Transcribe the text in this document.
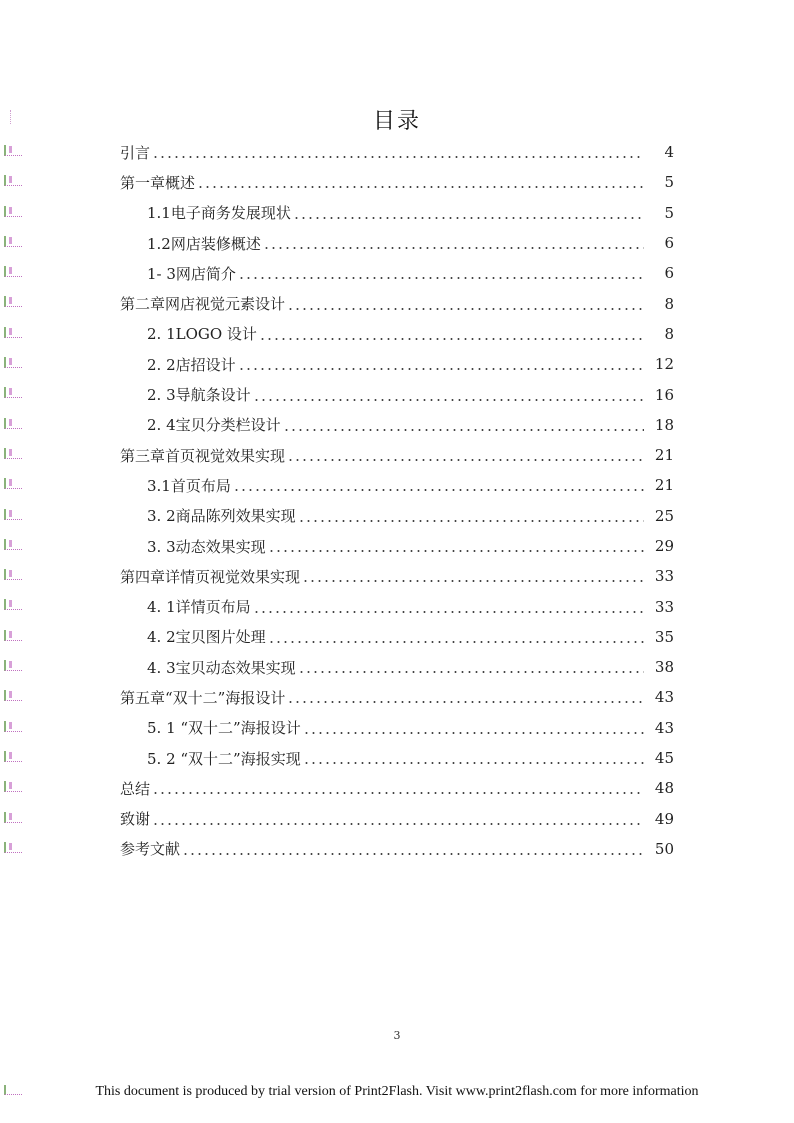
目录
引言	4
第一章概述	5
1.1电子商务发展现状	5
1.2网店装修概述	6
1- 3网店简介	6
第二章网店视觉元素设计	8
2. 1LOGO 设计	8
2. 2店招设计	12
2. 3导航条设计	16
2. 4宝贝分类栏设计	18
第三章首页视觉效果实现	21
3.1首页布局	21
3. 2商品陈列效果实现	25
3. 3动态效果实现	29
第四章详情页视觉效果实现	33
4. 1详情页布局	33
4. 2宝贝图片处理	35
4. 3宝贝动态效果实现	38
第五章“双十二”海报设计	43
5. 1 “双十二”海报设计	43
5. 2 “双十二”海报实现	45
总结	48
致谢	49
参考文献	50
3
This document is produced by trial version of Print2Flash. Visit www.print2flash.com for more information
